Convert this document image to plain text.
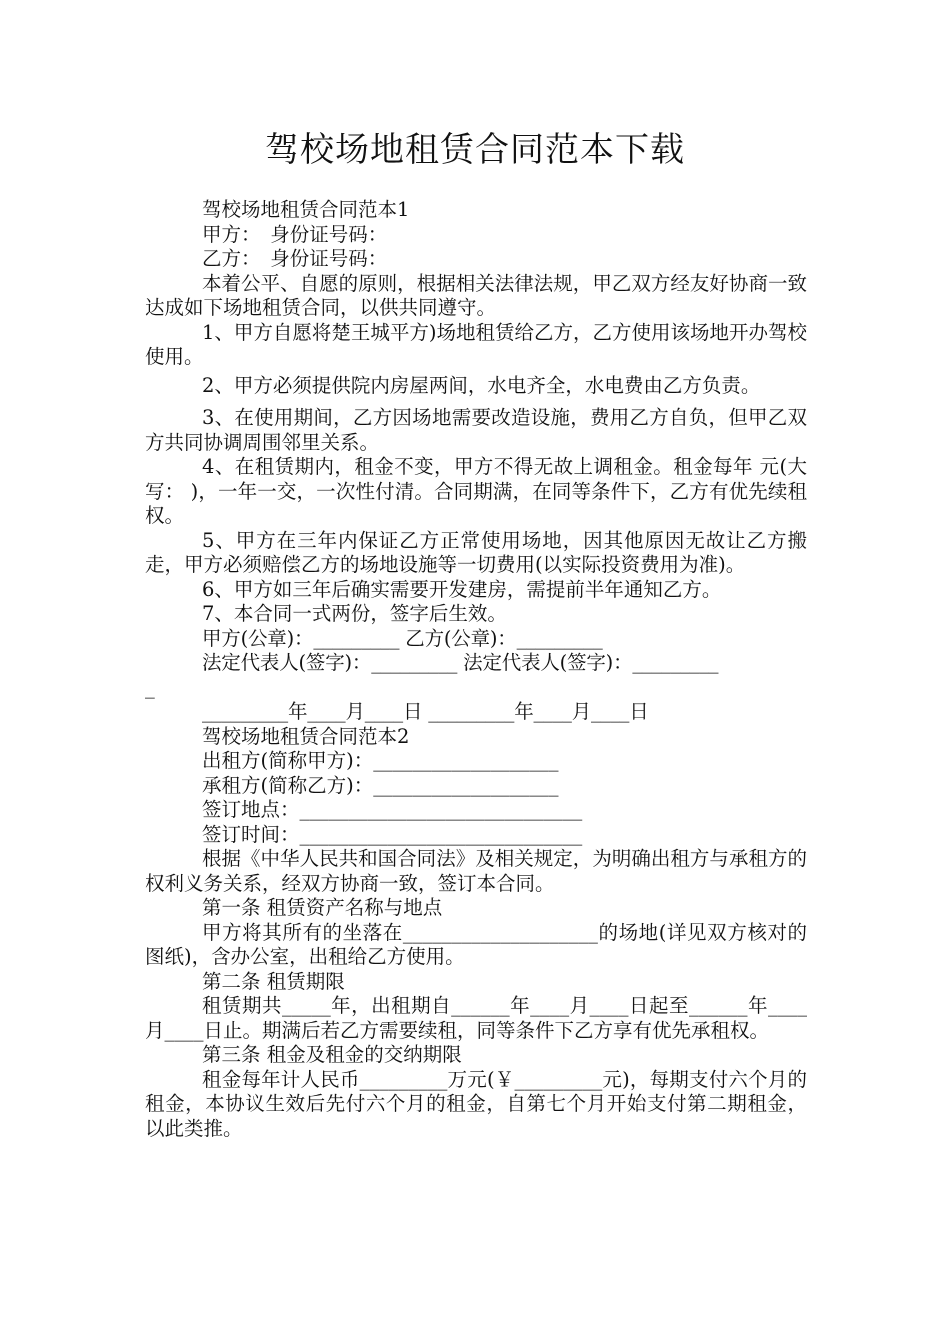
驾校场地租赁合同范本下载

驾校场地租赁合同范本1

甲方：　身份证号码：

乙方：　身份证号码：

本着公平、自愿的原则，根据相关法律法规，甲乙双方经友好协商一致达成如下场地租赁合同，以供共同遵守。

1、甲方自愿将楚王城平方)场地租赁给乙方，乙方使用该场地开办驾校使用。

2、甲方必须提供院内房屋两间，水电齐全，水电费由乙方负责。

3、在使用期间，乙方因场地需要改造设施，费用乙方自负，但甲乙双方共同协调周围邻里关系。

4、在租赁期内，租金不变，甲方不得无故上调租金。租金每年 元(大写： )，一年一交，一次性付清。合同期满，在同等条件下，乙方有优先续租权。

5、甲方在三年内保证乙方正常使用场地，因其他原因无故让乙方搬走，甲方必须赔偿乙方的场地设施等一切费用(以实际投资费用为准)。

6、甲方如三年后确实需要开发建房，需提前半年通知乙方。

7、本合同一式两份，签字后生效。

甲方(公章)：_________ 乙方(公章)：_________

法定代表人(签字)：_________ 法定代表人(签字)：_________

_

_________年____月____日 _________年____月____日

驾校场地租赁合同范本2

出租方(简称甲方)：___________________

承租方(简称乙方)：___________________

签订地点：_____________________________

签订时间：_____________________________

根据《中华人民共和国合同法》及相关规定，为明确出租方与承租方的权利义务关系，经双方协商一致，签订本合同。

第一条 租赁资产名称与地点

甲方将其所有的坐落在____________________的场地(详见双方核对的图纸)，含办公室，出租给乙方使用。

第二条 租赁期限

租赁期共_____年，出租期自______年____月____日起至______年____月____日止。期满后若乙方需要续租，同等条件下乙方享有优先承租权。

第三条 租金及租金的交纳期限

租金每年计人民币_________万元(￥_________元)，每期支付六个月的租金，本协议生效后先付六个月的租金，自第七个月开始支付第二期租金，以此类推。
